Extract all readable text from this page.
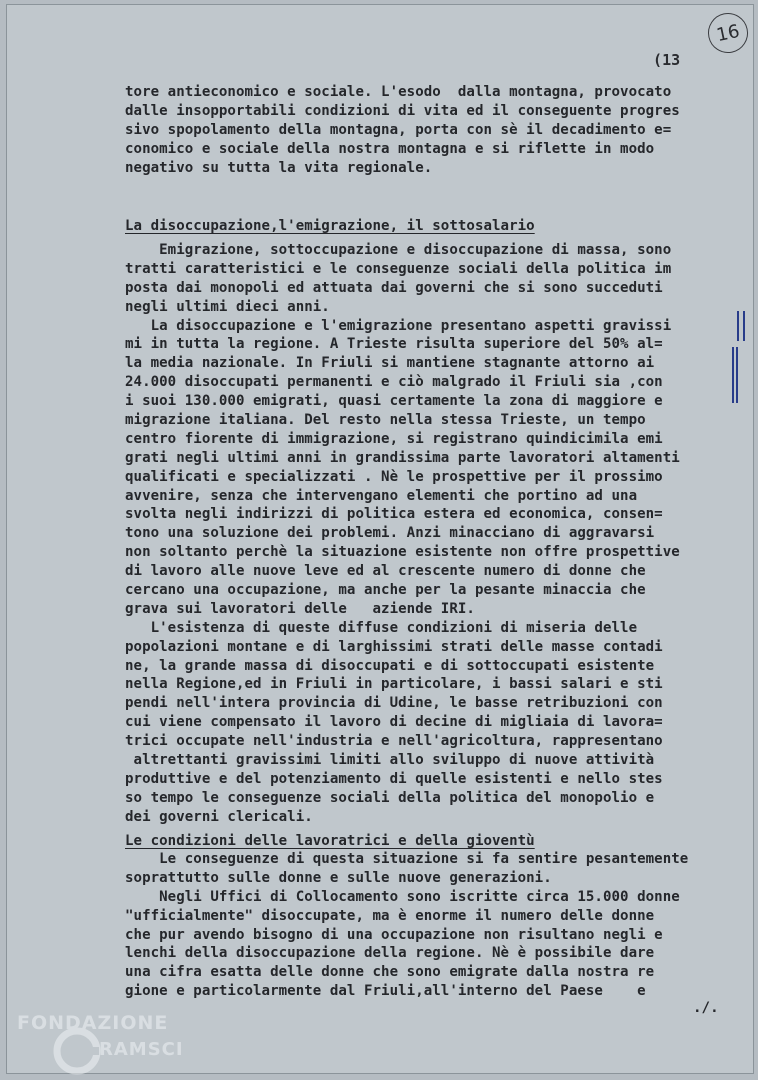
16
(13
tore antieconomico e sociale. L'esodo  dalla montagna, provocato
dalle insopportabili condizioni di vita ed il conseguente progres
sivo spopolamento della montagna, porta con sè il decadimento e=
conomico e sociale della nostra montagna e si riflette in modo
negativo su tutta la vita regionale.
La disoccupazione,l'emigrazione, il sottosalario
Emigrazione, sottoccupazione e disoccupazione di massa, sono
tratti caratteristici e le conseguenze sociali della politica im
posta dai monopoli ed attuata dai governi che si sono succeduti
negli ultimi dieci anni.
La disoccupazione e l'emigrazione presentano aspetti gravissi
mi in tutta la regione. A Trieste risulta superiore del 50% al=
la media nazionale. In Friuli si mantiene stagnante attorno ai
24.000 disoccupati permanenti e ciò malgrado il Friuli sia ,con
i suoi 130.000 emigrati, quasi certamente la zona di maggiore e
migrazione italiana. Del resto nella stessa Trieste, un tempo
centro fiorente di immigrazione, si registrano quindicimila emi
grati negli ultimi anni in grandissima parte lavoratori altamenti
qualificati e specializzati . Nè le prospettive per il prossimo
avvenire, senza che intervengano elementi che portino ad una
svolta negli indirizzi di politica estera ed economica, consen=
tono una soluzione dei problemi. Anzi minacciano di aggravarsi
non soltanto perchè la situazione esistente non offre prospettive
di lavoro alle nuove leve ed al crescente numero di donne che
cercano una occupazione, ma anche per la pesante minaccia che
grava sui lavoratori delle   aziende IRI.
L'esistenza di queste diffuse condizioni di miseria delle
popolazioni montane e di larghissimi strati delle masse contadi
ne, la grande massa di disoccupati e di sottoccupati esistente
nella Regione,ed in Friuli in particolare, i bassi salari e sti
pendi nell'intera provincia di Udine, le basse retribuzioni con
cui viene compensato il lavoro di decine di migliaia di lavora=
trici occupate nell'industria e nell'agricoltura, rappresentano
altrettanti gravissimi limiti allo sviluppo di nuove attività
produttive e del potenziamento di quelle esistenti e nello stes
so tempo le conseguenze sociali della politica del monopolio e
dei governi clericali.
Le condizioni delle lavoratrici e della gioventù
Le conseguenze di questa situazione si fa sentire pesantemente
soprattutto sulle donne e sulle nuove generazioni.
Negli Uffici di Collocamento sono iscritte circa 15.000 donne
"ufficialmente" disoccupate, ma è enorme il numero delle donne
che pur avendo bisogno di una occupazione non risultano negli e
lenchi della disoccupazione della regione. Nè è possibile dare
una cifra esatta delle donne che sono emigrate dalla nostra re
gione e particolarmente dal Friuli,all'interno del Paese    e
./.
FONDAZIONE
RAMSCI
